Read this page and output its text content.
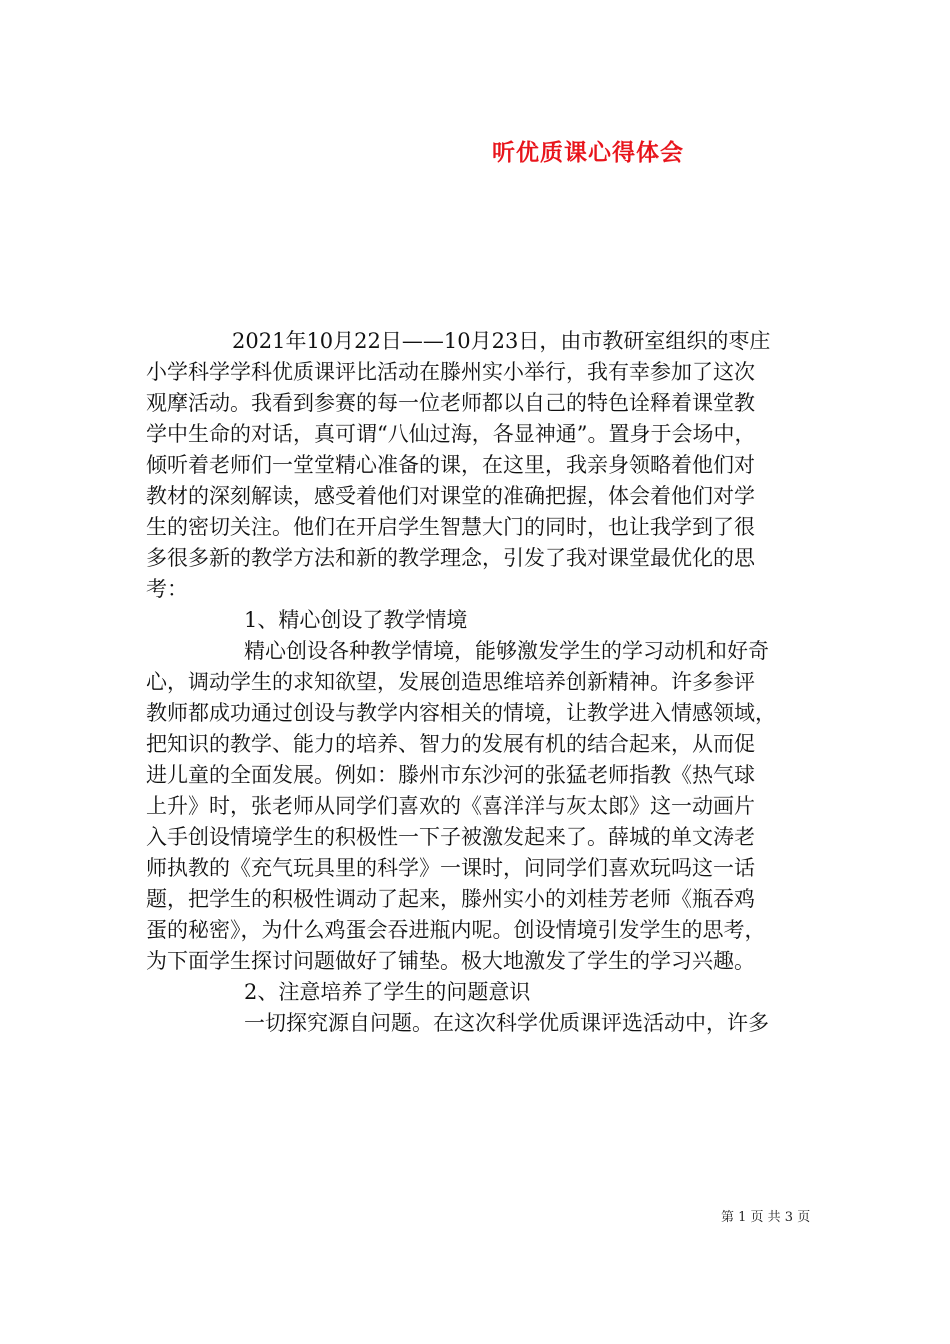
听优质课心得体会
2021年10月22日——10月23日，由市教研室组织的枣庄
小学科学学科优质课评比活动在滕州实小举行，我有幸参加了这次
观摩活动。我看到参赛的每一位老师都以自己的特色诠释着课堂教
学中生命的对话，真可谓“八仙过海，各显神通”。置身于会场中，
倾听着老师们一堂堂精心准备的课，在这里，我亲身领略着他们对
教材的深刻解读，感受着他们对课堂的准确把握，体会着他们对学
生的密切关注。他们在开启学生智慧大门的同时，也让我学到了很
多很多新的教学方法和新的教学理念，引发了我对课堂最优化的思
考：
1、精心创设了教学情境
精心创设各种教学情境，能够激发学生的学习动机和好奇
心，调动学生的求知欲望，发展创造思维培养创新精神。许多参评
教师都成功通过创设与教学内容相关的情境，让教学进入情感领域，
把知识的教学、能力的培养、智力的发展有机的结合起来，从而促
进儿童的全面发展。例如：滕州市东沙河的张猛老师指教《热气球
上升》时，张老师从同学们喜欢的《喜洋洋与灰太郎》这一动画片
入手创设情境学生的积极性一下子被激发起来了。薛城的单文涛老
师执教的《充气玩具里的科学》一课时，问同学们喜欢玩吗这一话
题，把学生的积极性调动了起来，滕州实小的刘桂芳老师《瓶吞鸡
蛋的秘密》，为什么鸡蛋会吞进瓶内呢。创设情境引发学生的思考，
为下面学生探讨问题做好了铺垫。极大地激发了学生的学习兴趣。
2、注意培养了学生的问题意识
一切探究源自问题。在这次科学优质课评选活动中，许多
第 1 页 共 3 页
